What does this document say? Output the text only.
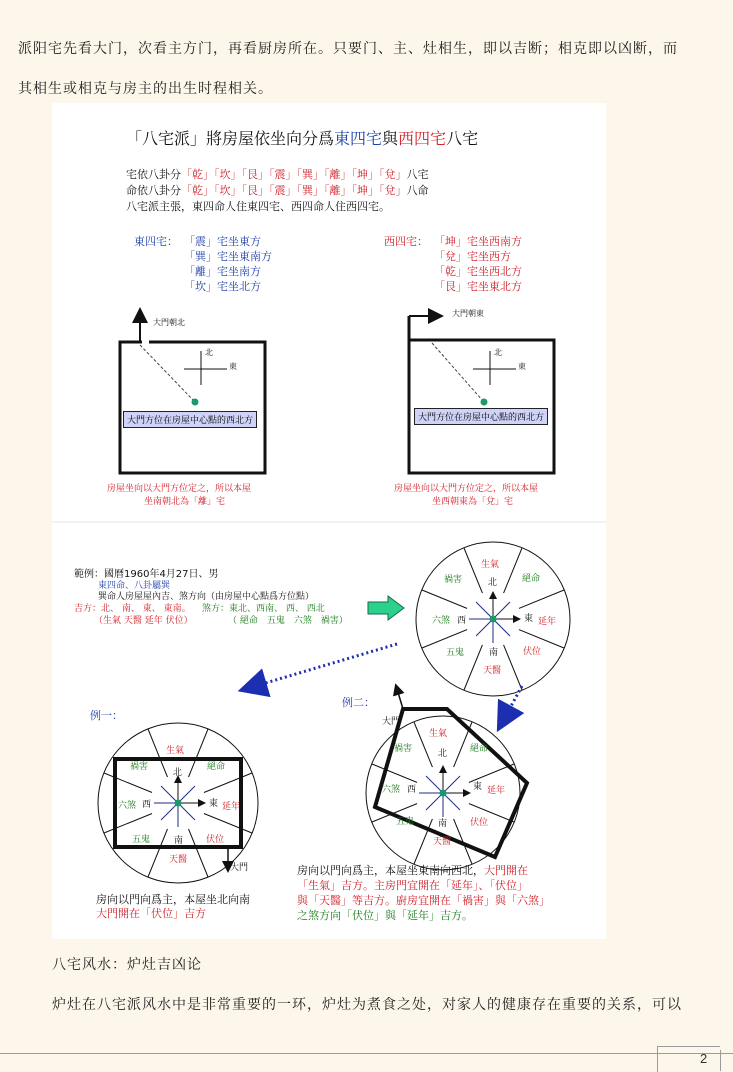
派阳宅先看大门，次看主方门，再看厨房所在。只要门、主、灶相生，即以吉断；相克即以凶断，而
其相生或相克与房主的出生时程相关。
「八宅派」將房屋依坐向分爲東四宅與西四宅八宅
宅依八卦分「乾」「坎」「艮」「震」「巽」「離」「坤」「兌」八宅
命依八卦分「乾」「坎」「艮」「震」「巽」「離」「坤」「兌」八命
八宅派主張，東四命人住東四宅、西四命人住西四宅。
東四宅： 「震」宅坐東方
「巽」宅坐東南方
「離」宅坐南方
「坎」宅坐北方
西四宅： 「坤」宅坐西南方
「兌」宅坐西方
「乾」宅坐西北方
「艮」宅坐東北方
大門朝北
北
東
大門方位在房屋中心點的西北方
大門朝東
北
東
大門方位在房屋中心點的西北方
房屋坐向以大門方位定之，所以本屋
坐南朝北為「離」宅
房屋坐向以大門方位定之，所以本屋
坐西朝東為「兌」宅
範例：國曆1960年4月27日、男
東四命、八卦屬巽
巽命人房屋屋內吉、煞方向（由房屋中心點爲方位點）
吉方：北、 南、 東、 東南。
（生氣 天醫 延年 伏位）
煞方：東北、西南、 西、 西北
（ 絕命　五鬼　六煞　禍害）
生氣
禍害	絕命
北
六煞 西	東 延年
五鬼	南	伏位
天醫
例一：
生氣
禍害	絕命
北
六煞 西	東 延年
五鬼	南	伏位
天醫
大門
房向以門向爲主，本屋坐北向南
大門開在「伏位」吉方
例二：
大門
生氣
禍害	絕命
北
六煞 西	東 延年
五鬼	南	伏位
天醫
房向以門向爲主，本屋坐東南向西北，大門開在
「生氣」吉方。主房門宜開在「延年」、「伏位」
與「天醫」等吉方。廚房宜開在「禍害」與「六煞」
之煞方向「伏位」與「延年」吉方。
八宅风水：炉灶吉凶论
炉灶在八宅派风水中是非常重要的一环，炉灶为煮食之处，对家人的健康存在重要的关系，可以
2
